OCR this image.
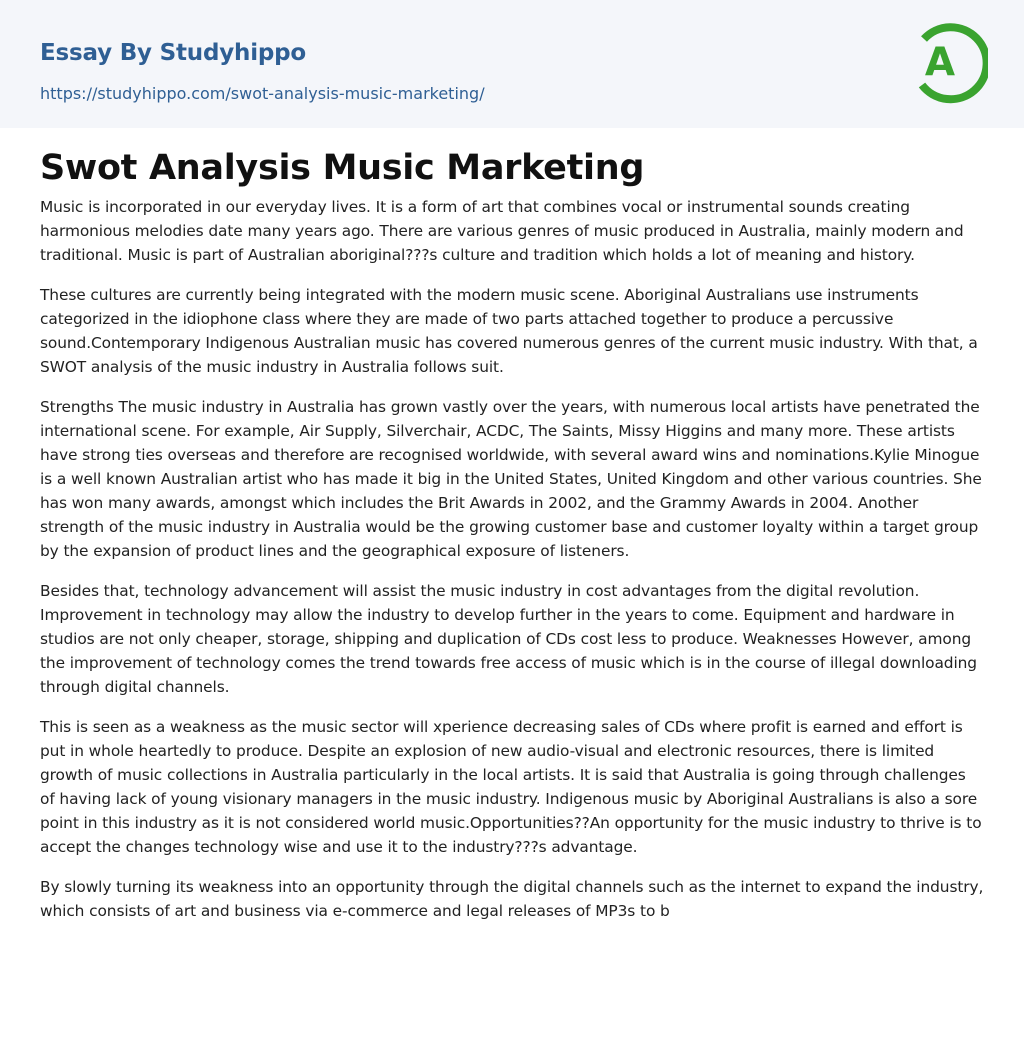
Essay By Studyhippo
https://studyhippo.com/swot-analysis-music-marketing/
A
Swot Analysis Music Marketing

Music is incorporated in our everyday lives. It is a form of art that combines vocal or instrumental sounds creating harmonious melodies date many years ago. There are various genres of music produced in Australia, mainly modern and traditional. Music is part of Australian aboriginal???s culture and tradition which holds a lot of meaning and history.

These cultures are currently being integrated with the modern music scene. Aboriginal Australians use instruments categorized in the idiophone class where they are made of two parts attached together to produce a percussive sound.Contemporary Indigenous Australian music has covered numerous genres of the current music industry. With that, a SWOT analysis of the music industry in Australia follows suit.

Strengths The music industry in Australia has grown vastly over the years, with numerous local artists have penetrated the international scene. For example, Air Supply, Silverchair, ACDC, The Saints, Missy Higgins and many more. These artists have strong ties overseas and therefore are recognised worldwide, with several award wins and nominations.Kylie Minogue is a well known Australian artist who has made it big in the United States, United Kingdom and other various countries. She has won many awards, amongst which includes the Brit Awards in 2002, and the Grammy Awards in 2004. Another strength of the music industry in Australia would be the growing customer base and customer loyalty within a target group by the expansion of product lines and the geographical exposure of listeners.

Besides that, technology advancement will assist the music industry in cost advantages from the digital revolution. Improvement in technology may allow the industry to develop further in the years to come. Equipment and hardware in studios are not only cheaper, storage, shipping and duplication of CDs cost less to produce. Weaknesses However, among the improvement of technology comes the trend towards free access of music which is in the course of illegal downloading through digital channels.

This is seen as a weakness as the music sector will xperience decreasing sales of CDs where profit is earned and effort is put in whole heartedly to produce. Despite an explosion of new audio-visual and electronic resources, there is limited growth of music collections in Australia particularly in the local artists. It is said that Australia is going through challenges of having lack of young visionary managers in the music industry. Indigenous music by Aboriginal Australians is also a sore point in this industry as it is not considered world music.Opportunities??An opportunity for the music industry to thrive is to accept the changes technology wise and use it to the industry???s advantage.

By slowly turning its weakness into an opportunity through the digital channels such as the internet to expand the industry, which consists of art and business via e-commerce and legal releases of MP3s to b
